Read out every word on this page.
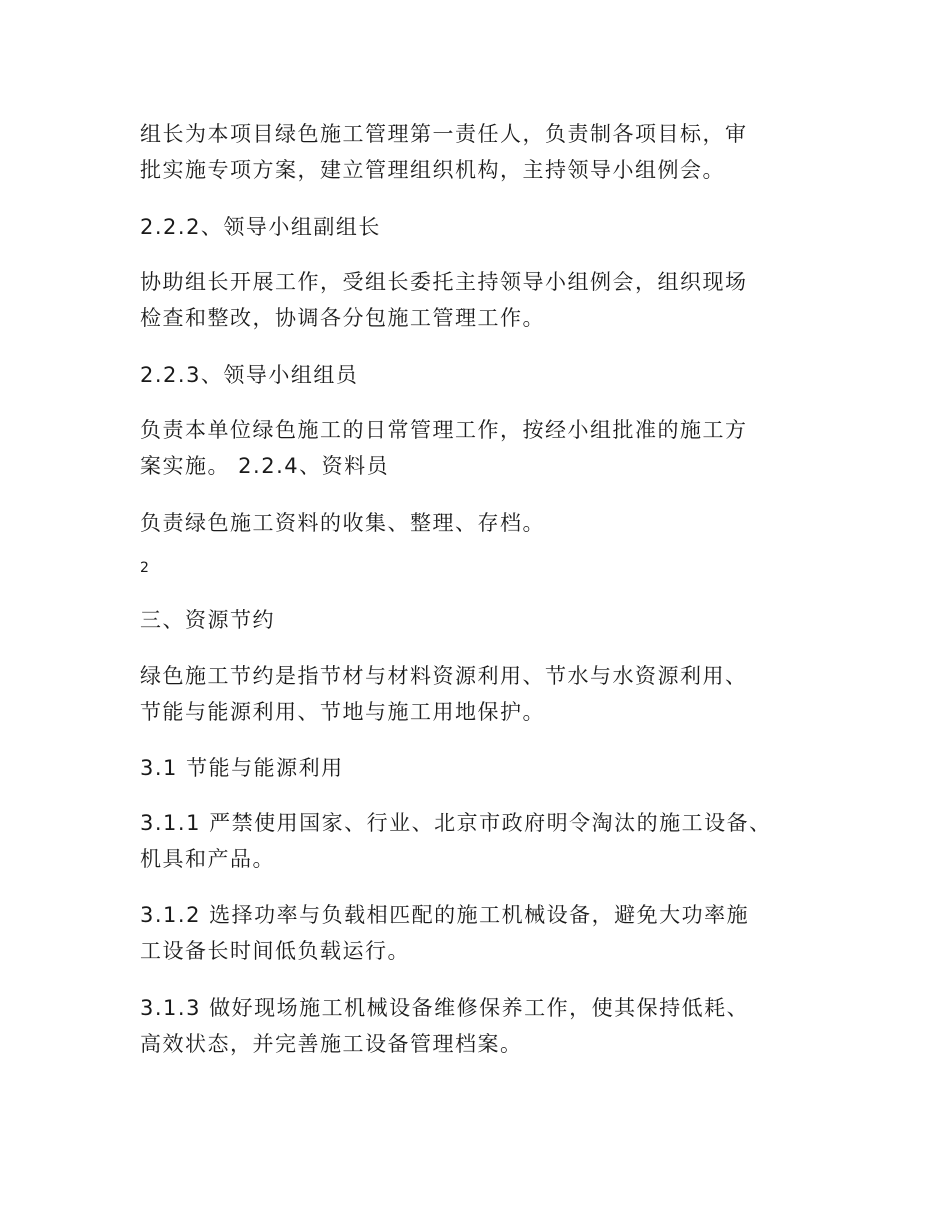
组长为本项目绿色施工管理第一责任人，负责制各项目标，审
批实施专项方案，建立管理组织机构，主持领导小组例会。
2.2.2、领导小组副组长
协助组长开展工作，受组长委托主持领导小组例会，组织现场
检查和整改，协调各分包施工管理工作。
2.2.3、领导小组组员
负责本单位绿色施工的日常管理工作，按经小组批准的施工方
案实施。 2.2.4、资料员
负责绿色施工资料的收集、整理、存档。
2
三、资源节约
绿色施工节约是指节材与材料资源利用、节水与水资源利用、
节能与能源利用、节地与施工用地保护。
3.1 节能与能源利用
3.1.1 严禁使用国家、行业、北京市政府明令淘汰的施工设备、
机具和产品。
3.1.2 选择功率与负载相匹配的施工机械设备，避免大功率施
工设备长时间低负载运行。
3.1.3 做好现场施工机械设备维修保养工作，使其保持低耗、
高效状态，并完善施工设备管理档案。
